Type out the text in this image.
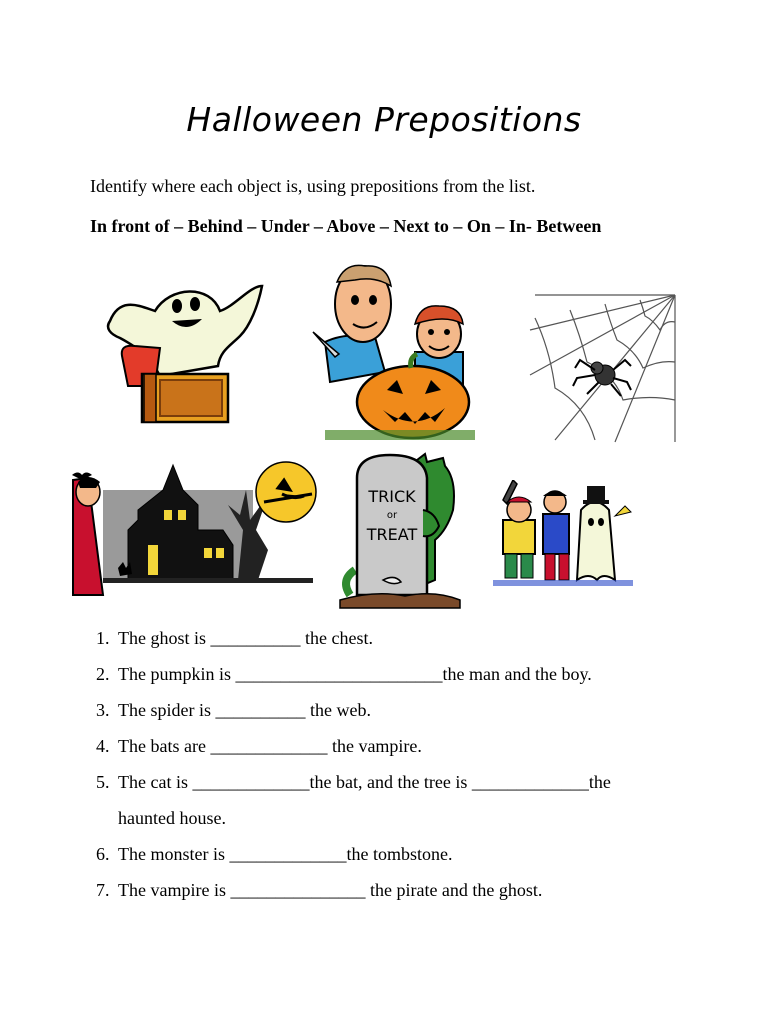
Halloween Prepositions
Identify where each object is, using prepositions from the list.
In front of – Behind – Under – Above – Next to – On – In- Between
TRICK
or
TREAT
1. The ghost is __________ the chest.
2. The pumpkin is _______________________the man and the boy.
3. The spider is __________ the web.
4. The bats are _____________ the vampire.
5. The cat is _____________the bat, and the tree is _____________the
haunted house.
6. The monster is _____________the tombstone.
7. The vampire is _______________ the pirate and the ghost.
